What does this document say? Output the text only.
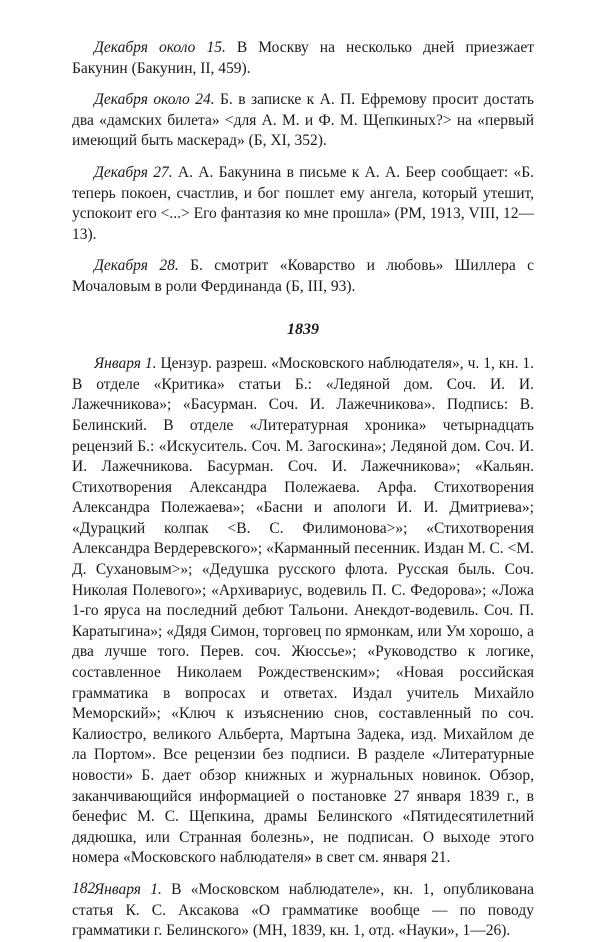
Декабря около 15. В Москву на несколько дней приезжает Бакунин (Бакунин, II, 459).

Декабря около 24. Б. в записке к А. П. Ефремову просит достать два «дамских билета» <для А. М. и Ф. М. Щепкиных?> на «первый имеющий быть маскерад» (Б, XI, 352).

Декабря 27. А. А. Бакунина в письме к А. А. Беер сообщает: «Б. теперь покоен, счастлив, и бог пошлет ему ангела, который утешит, успокоит его <...> Его фантазия ко мне прошла» (РМ, 1913, VIII, 12—13).

Декабря 28. Б. смотрит «Коварство и любовь» Шиллера с Мочаловым в роли Фердинанда (Б, III, 93).

1839

Января 1. Цензур. разреш. «Московского наблюдателя», ч. 1, кн. 1. В отделе «Критика» статьи Б.: «Ледяной дом. Соч. И. И. Лажечникова»; «Басурман. Соч. И. Лажечникова». Подпись: В. Белинский. В отделе «Литературная хроника» четырнадцать рецензий Б.: «Искуситель. Соч. М. Загоскина»; Ледяной дом. Соч. И. И. Лажечникова. Басурман. Соч. И. Лажечникова»; «Кальян. Стихотворения Александра Полежаева. Арфа. Стихотворения Александра Полежаева»; «Басни и апологи И. И. Дмитриева»; «Дурацкий колпак <В. С. Филимонова>»; «Стихотворения Александра Вердеревского»; «Карманный песенник. Издан М. С. <М. Д. Сухановым>»; «Дедушка русского флота. Русская быль. Соч. Николая Полевого»; «Архивариус, водевиль П. С. Федорова»; «Ложа 1-го яруса на последний дебют Тальони. Анекдот-водевиль. Соч. П. Каратыгина»; «Дядя Симон, торговец по ярмонкам, или Ум хорошо, а два лучше того. Перев. соч. Жюссье»; «Руководство к логике, составленное Николаем Рождественским»; «Новая российская грамматика в вопросах и ответах. Издал учитель Михайло Меморский»; «Ключ к изъяснению снов, составленный по соч. Калиостро, великого Альберта, Мартына Задека, изд. Михайлом де ла Портом». Все рецензии без подписи. В разделе «Литературные новости» Б. дает обзор книжных и журнальных новинок. Обзор, заканчивающийся информацией о постановке 27 января 1839 г., в бенефис М. С. Щепкина, драмы Белинского «Пятидесятилетний дядюшка, или Странная болезнь», не подписан. О выходе этого номера «Московского наблюдателя» в свет см. января 21.

Января 1. В «Московском наблюдателе», кн. 1, опубликована статья К. С. Аксакова «О грамматике вообще — по поводу грамматики г. Белинского» (МН, 1839, кн. 1, отд. «Науки», 1—26).

182
